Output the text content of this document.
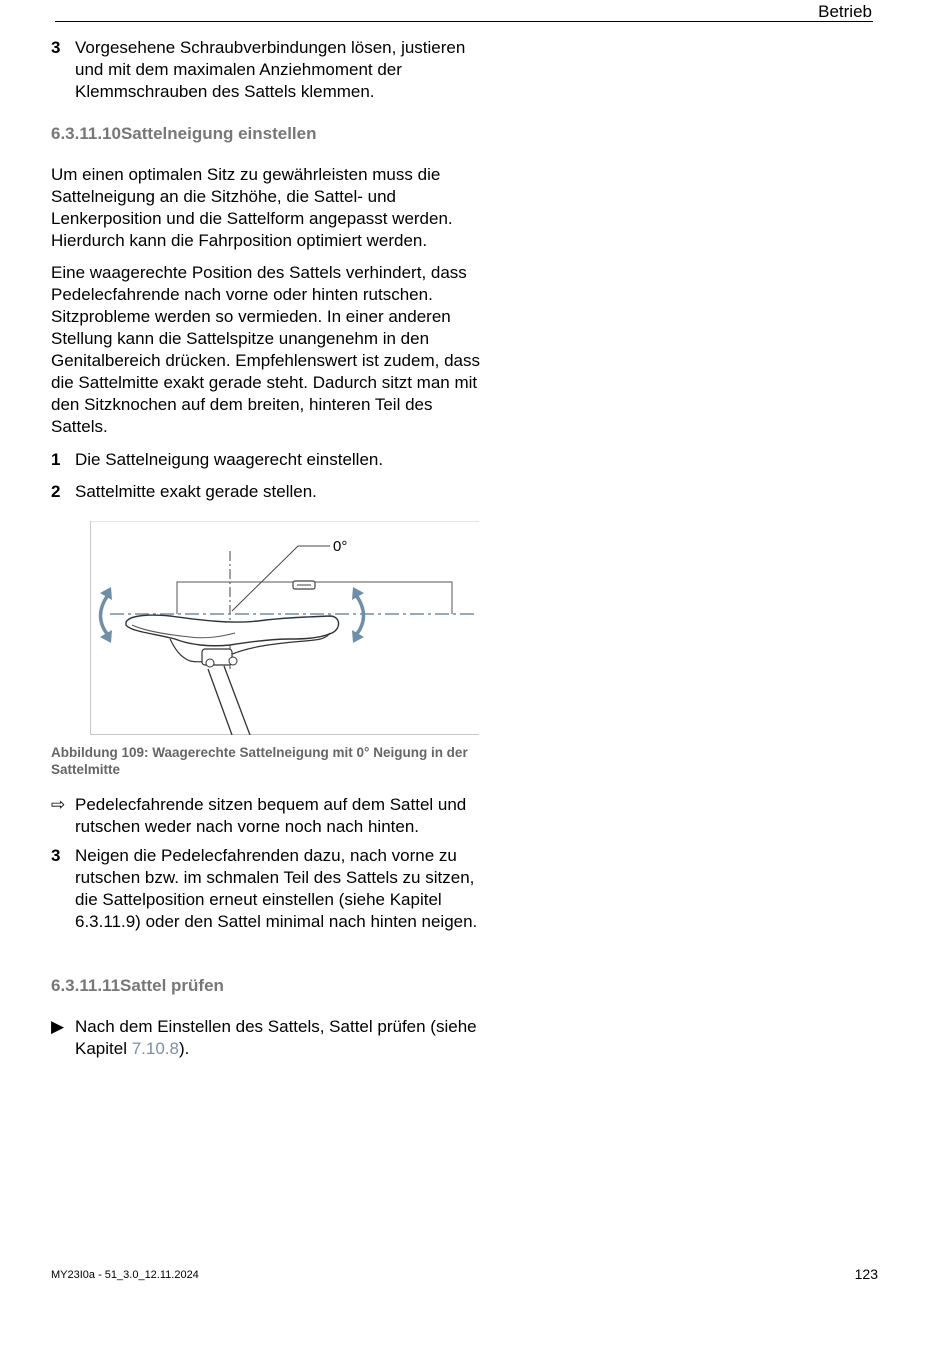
Betrieb
3 Vorgesehene Schraubverbindungen lösen, justieren und mit dem maximalen Anziehmoment der Klemmschrauben des Sattels klemmen.

6.3.11.10Sattelneigung einstellen

Um einen optimalen Sitz zu gewährleisten muss die Sattelneigung an die Sitzhöhe, die Sattel- und Lenkerposition und die Sattelform angepasst werden. Hierdurch kann die Fahrposition optimiert werden.

Eine waagerechte Position des Sattels verhindert, dass Pedelecfahrende nach vorne oder hinten rutschen. Sitzprobleme werden so vermieden. In einer anderen Stellung kann die Sattelspitze unangenehm in den Genitalbereich drücken. Empfehlenswert ist zudem, dass die Sattelmitte exakt gerade steht. Dadurch sitzt man mit den Sitzknochen auf dem breiten, hinteren Teil des Sattels.

1 Die Sattelneigung waagerecht einstellen.

2 Sattelmitte exakt gerade stellen.

0°
Abbildung 109: Waagerechte Sattelneigung mit 0° Neigung in der Sattelmitte
⇨ Pedelecfahrende sitzen bequem auf dem Sattel und rutschen weder nach vorne noch nach hinten.

3 Neigen die Pedelecfahrenden dazu, nach vorne zu rutschen bzw. im schmalen Teil des Sattels zu sitzen, die Sattelposition erneut einstellen (siehe Kapitel 6.3.11.9) oder den Sattel minimal nach hinten neigen.

6.3.11.11Sattel prüfen
▶ Nach dem Einstellen des Sattels, Sattel prüfen (siehe Kapitel 7.10.8).

MY23I0a - 51_3.0_12.11.2024	123
